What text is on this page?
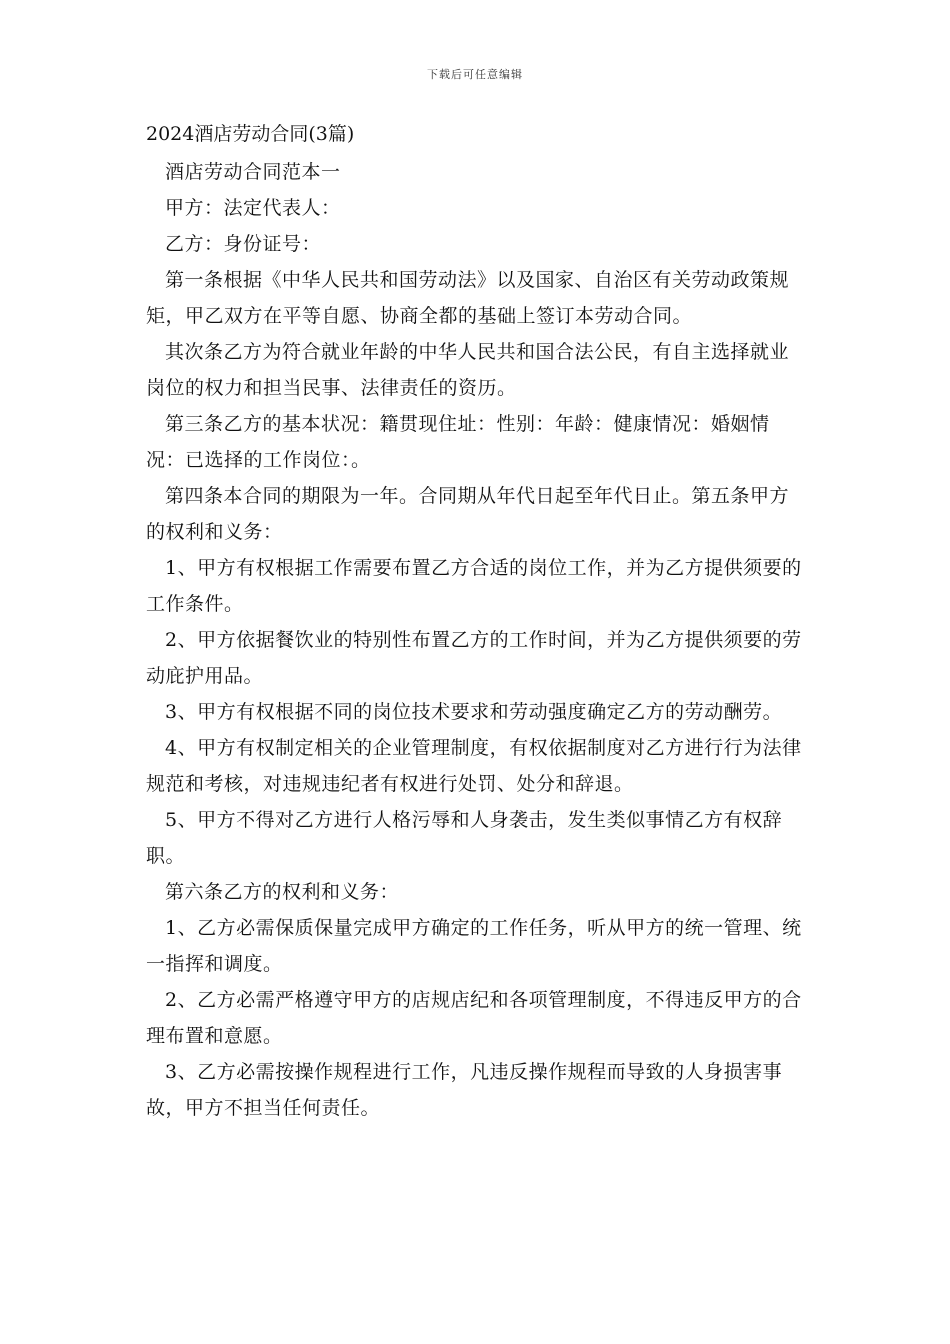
下载后可任意编辑
2024酒店劳动合同(3篇)

酒店劳动合同范本一

甲方：法定代表人：

乙方：身份证号：

第一条根据《中华人民共和国劳动法》以及国家、自治区有关劳动政策规矩，甲乙双方在平等自愿、协商全都的基础上签订本劳动合同。

其次条乙方为符合就业年龄的中华人民共和国合法公民，有自主选择就业岗位的权力和担当民事、法律责任的资历。

第三条乙方的基本状况：籍贯现住址：性别：年龄：健康情况：婚姻情况：已选择的工作岗位：。

第四条本合同的期限为一年。合同期从年代日起至年代日止。第五条甲方的权利和义务：

1、甲方有权根据工作需要布置乙方合适的岗位工作，并为乙方提供须要的工作条件。

2、甲方依据餐饮业的特别性布置乙方的工作时间，并为乙方提供须要的劳动庇护用品。

3、甲方有权根据不同的岗位技术要求和劳动强度确定乙方的劳动酬劳。

4、甲方有权制定相关的企业管理制度，有权依据制度对乙方进行行为法律规范和考核，对违规违纪者有权进行处罚、处分和辞退。

5、甲方不得对乙方进行人格污辱和人身袭击，发生类似事情乙方有权辞职。

第六条乙方的权利和义务：

1、乙方必需保质保量完成甲方确定的工作任务，听从甲方的统一管理、统一指挥和调度。

2、乙方必需严格遵守甲方的店规店纪和各项管理制度，不得违反甲方的合理布置和意愿。

3、乙方必需按操作规程进行工作，凡违反操作规程而导致的人身损害事故，甲方不担当任何责任。
